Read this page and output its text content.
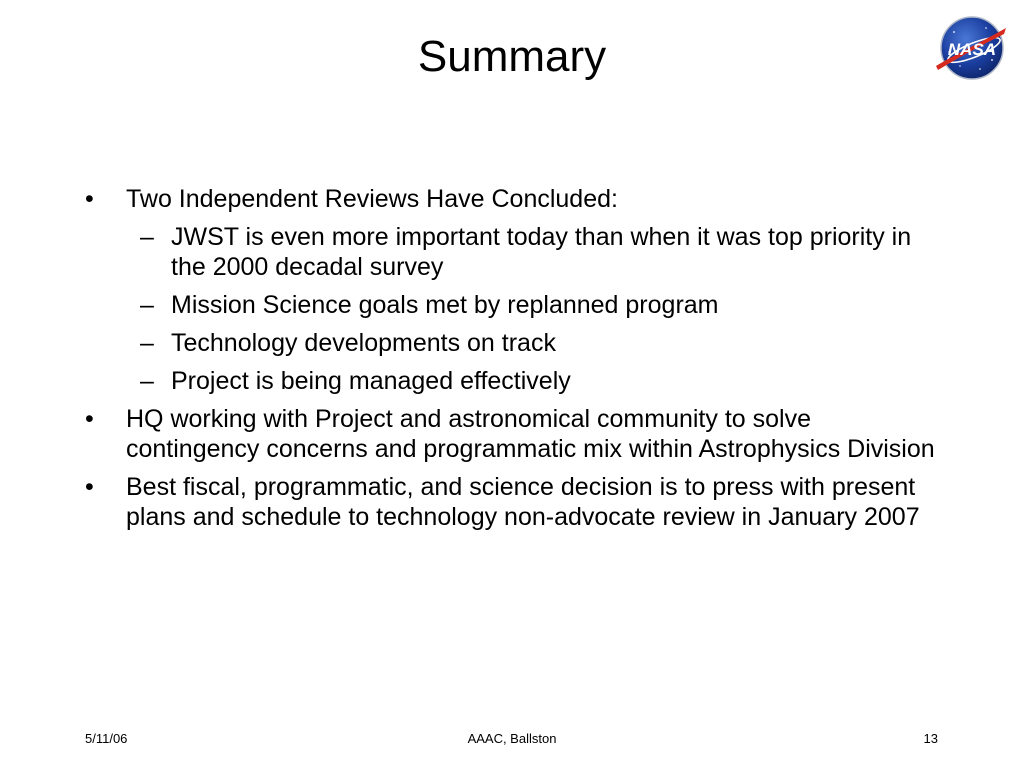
Summary	NASA
•	Two Independent Reviews Have Concluded:
– JWST is even more important today than when it was top priority in the 2000 decadal survey
– Mission Science goals met by replanned program
– Technology developments on track
– Project is being managed effectively
•	HQ working with Project and astronomical community to solve contingency concerns and programmatic mix within Astrophysics Division
•	Best fiscal, programmatic, and science decision is to press with present plans and schedule to technology non-advocate review in January 2007
5/11/06	AAAC, Ballston	13
